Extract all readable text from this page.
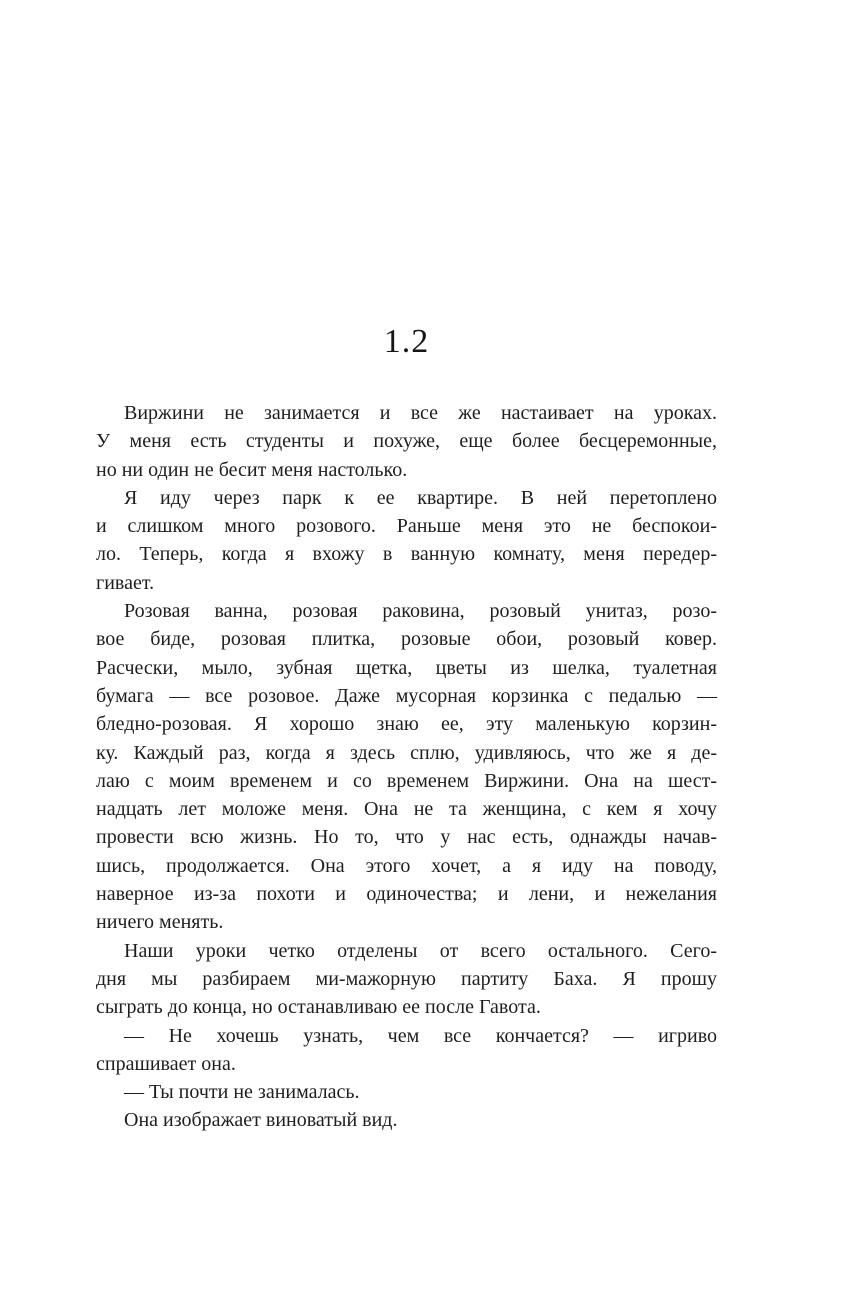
1.2
Виржини не занимается и все же настаивает на уроках.
У меня есть студенты и похуже, еще более бесцеремонные,
но ни один не бесит меня настолько.
Я иду через парк к ее квартире. В ней перетоплено
и слишком много розового. Раньше меня это не беспокои-
ло. Теперь, когда я вхожу в ванную комнату, меня передер-
гивает.
Розовая ванна, розовая раковина, розовый унитаз, розо-
вое биде, розовая плитка, розовые обои, розовый ковер.
Расчески, мыло, зубная щетка, цветы из шелка, туалетная
бумага — все розовое. Даже мусорная корзинка с педалью —
бледно-розовая. Я хорошо знаю ее, эту маленькую корзин-
ку. Каждый раз, когда я здесь сплю, удивляюсь, что же я де-
лаю с моим временем и со временем Виржини. Она на шест-
надцать лет моложе меня. Она не та женщина, с кем я хочу
провести всю жизнь. Но то, что у нас есть, однажды начав-
шись, продолжается. Она этого хочет, а я иду на поводу,
наверное из-за похоти и одиночества; и лени, и нежелания
ничего менять.
Наши уроки четко отделены от всего остального. Сего-
дня мы разбираем ми-мажорную партиту Баха. Я прошу
сыграть до конца, но останавливаю ее после Гавота.
— Не хочешь узнать, чем все кончается? — игриво
спрашивает она.
— Ты почти не занималась.
Она изображает виноватый вид.
